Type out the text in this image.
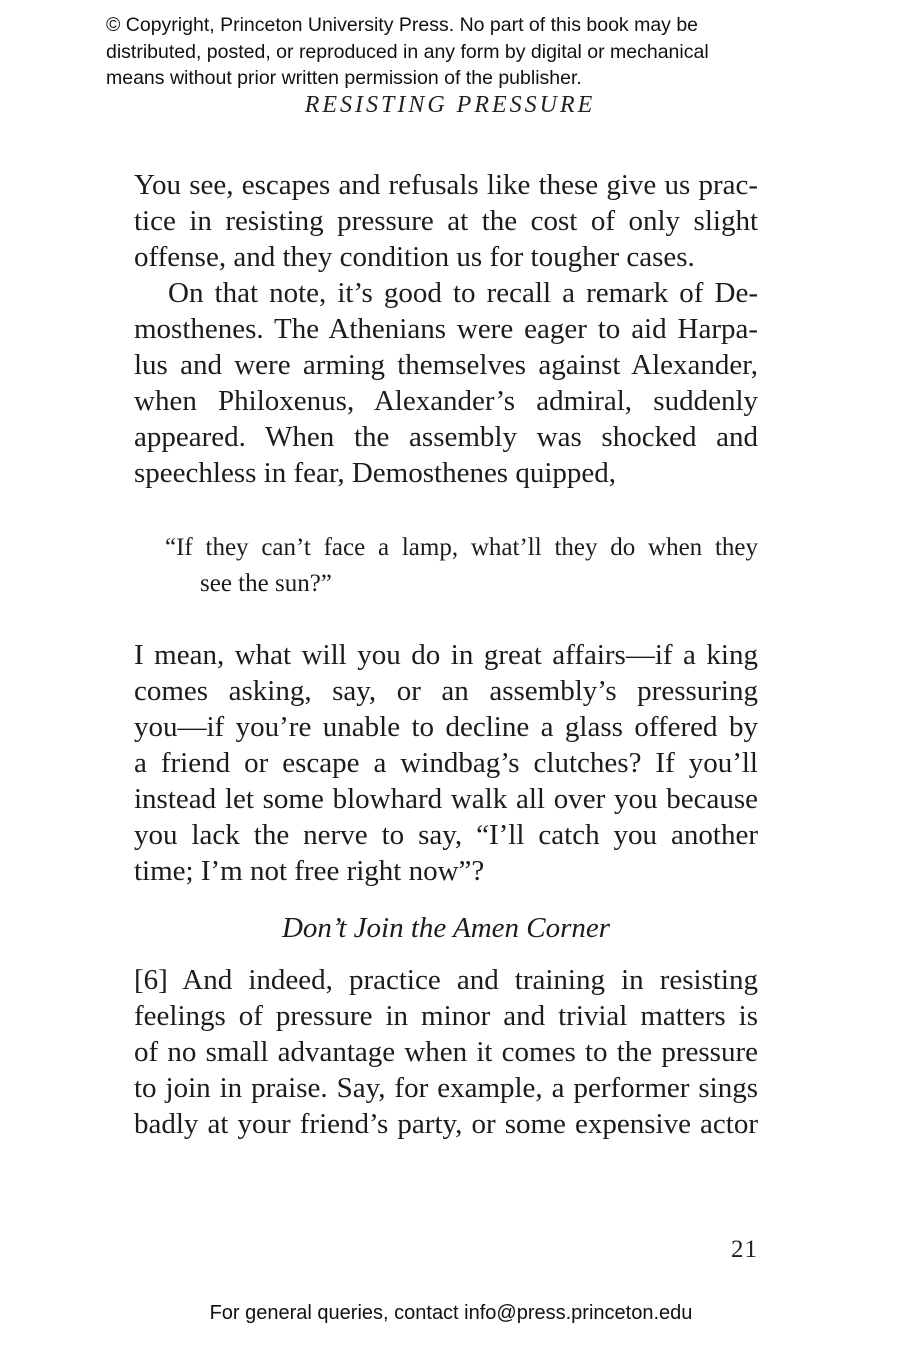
© Copyright, Princeton University Press. No part of this book may be
distributed, posted, or reproduced in any form by digital or mechanical
means without prior written permission of the publisher.
RESISTING PRESSURE
You see, escapes and refusals like these give us prac-
tice in resisting pressure at the cost of only slight
offense, and they condition us for tougher cases.
On that note, it’s good to recall a remark of De-
mosthenes. The Athenians were eager to aid Harpa-
lus and were arming themselves against Alexander,
when Philoxenus, Alexander’s admiral, suddenly
appeared. When the assembly was shocked and
speechless in fear, Demosthenes quipped,
“If they can’t face a lamp, what’ll they do when they
see the sun?”
I mean, what will you do in great affairs—if a king
comes asking, say, or an assembly’s pressuring
you—if you’re unable to decline a glass offered by
a friend or escape a windbag’s clutches? If you’ll
instead let some blowhard walk all over you because
you lack the nerve to say, “I’ll catch you another
time; I’m not free right now”?
Don’t Join the Amen Corner
[6] And indeed, practice and training in resisting
feelings of pressure in minor and trivial matters is
of no small advantage when it comes to the pressure
to join in praise. Say, for example, a performer sings
badly at your friend’s party, or some expensive actor
21
For general queries, contact info@press.princeton.edu
